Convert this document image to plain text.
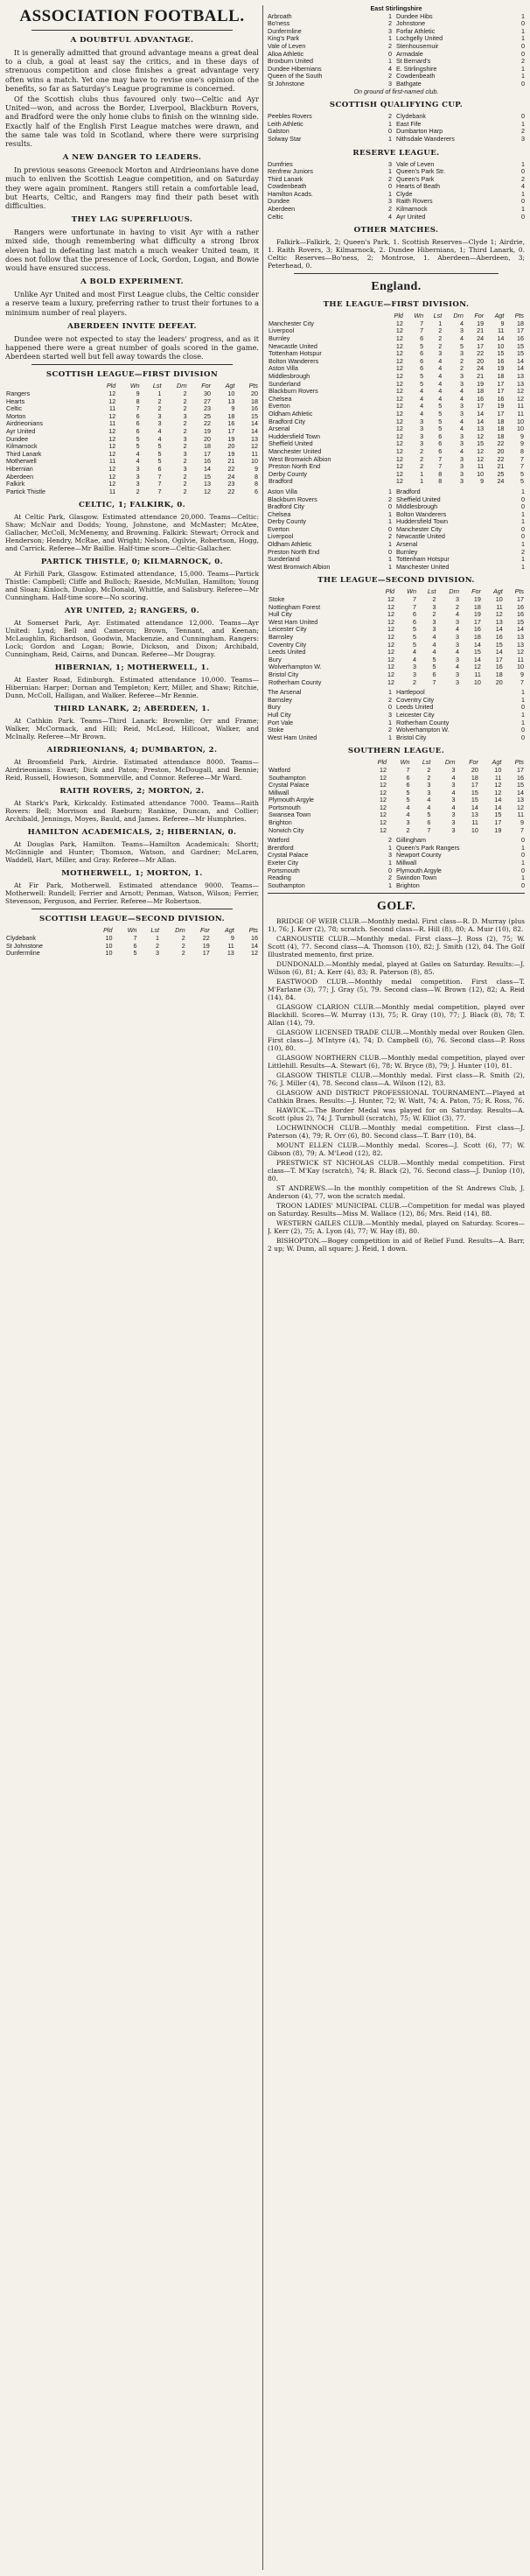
ASSOCIATION FOOTBALL.
A DOUBTFUL ADVANTAGE.

It is generally admitted that ground advantage means a great deal to a club, a goal at least say the critics, and in these days of strenuous competition and close finishes a great advantage very often wins a match. Yet one may have to revise one's opinion of the benefits, so far as Saturday's League programme is concerned.

Of the Scottish clubs thus favoured only two—Celtic and Ayr United—won, and across the Border, Liverpool, Blackburn Rovers, and Bradford were the only home clubs to finish on the winning side. Exactly half of the English First League matches were drawn, and the same tale was told in Scotland, where there were surprising results.

A NEW DANGER TO LEADERS.

In previous seasons Greenock Morton and Airdrieonians have done much to enliven the Scottish League competition, and on Saturday they were again prominent. Rangers still retain a comfortable lead, but Hearts, Celtic, and Rangers may find their path beset with difficulties.

THEY LAG SUPERFLUOUS.

Rangers were unfortunate in having to visit Ayr with a rather mixed side, though remembering what difficulty a strong Ibrox eleven had in defeating last match a much weaker United team, it does not follow that the presence of Lock, Gordon, Logan, and Bowie would have ensured success.

A BOLD EXPERIMENT.

Unlike Ayr United and most First League clubs, the Celtic consider a reserve team a luxury, preferring rather to trust their fortunes to a minimum number of real players.

ABERDEEN INVITE DEFEAT.

Dundee were not expected to stay the leaders' progress, and as it happened there were a great number of goals scored in the game. Aberdeen started well but fell away towards the close.

SCOTTISH LEAGUE—FIRST DIVISION
	Pld	Wn	Lst	Drn	For	Agt	Pts
Rangers	12	9	1	2	30	10	20
Hearts	12	8	2	2	27	13	18
Celtic	11	7	2	2	23	9	16
Morton	12	6	3	3	25	18	15
Airdrieonians	11	6	3	2	22	16	14
Ayr United	12	6	4	2	19	17	14
Dundee	12	5	4	3	20	19	13
Kilmarnock	12	5	5	2	18	20	12
Third Lanark	12	4	5	3	17	19	11
Motherwell	11	4	5	2	16	21	10
Hibernian	12	3	6	3	14	22	9
Aberdeen	12	3	7	2	15	24	8
Falkirk	12	3	7	2	13	23	8
Partick Thistle	11	2	7	2	12	22	6
CELTIC, 1; FALKIRK, 0.

At Celtic Park, Glasgow. Estimated attendance 20,000. Teams—Celtic: Shaw; McNair and Dodds; Young, Johnstone, and McMaster; McAtee, Gallacher, McColl, McMenemy, and Browning. Falkirk: Stewart; Orrock and Henderson; Hendry, McRae, and Wright; Nelson, Ogilvie, Robertson, Hogg, and Carrick. Referee—Mr Baillie. Half-time score—Celtic-Gallacher.

PARTICK THISTLE, 0; KILMARNOCK, 0.

At Firhill Park, Glasgow. Estimated attendance, 15,000. Teams—Partick Thistle: Campbell; Cliffe and Bulloch; Raeside, McMullan, Hamilton; Young and Sloan; Kinloch, Dunlop, McDonald, Whittle, and Salisbury. Referee—Mr Cunningham. Half-time score—No scoring.

AYR UNITED, 2; RANGERS, 0.

At Somerset Park, Ayr. Estimated attendance 12,000. Teams—Ayr United: Lynd; Bell and Cameron; Brown, Tennant, and Keenan; McLaughlin, Richardson, Goodwin, Mackenzie, and Cunningham. Rangers: Lock; Gordon and Logan; Bowie, Dickson, and Dixon; Archibald, Cunningham, Reid, Cairns, and Duncan. Referee—Mr Dougray.

HIBERNIAN, 1; MOTHERWELL, 1.

At Easter Road, Edinburgh. Estimated attendance 10,000. Teams—Hibernian: Harper; Dornan and Templeton; Kerr, Miller, and Shaw; Ritchie, Dunn, McColl, Halligan, and Walker. Referee—Mr Rennie.

THIRD LANARK, 2; ABERDEEN, 1.

At Cathkin Park. Teams—Third Lanark: Brownlie; Orr and Frame; Walker, McCormack, and Hill; Reid, McLeod, Hillcoat, Walker, and McInally. Referee—Mr Brown.

AIRDRIEONIANS, 4; DUMBARTON, 2.

At Broomfield Park, Airdrie. Estimated attendance 8000. Teams—Airdrieonians: Ewart; Dick and Paton; Preston, McDougall, and Bennie; Reid, Russell, Howieson, Sommerville, and Connor. Referee—Mr Ward.

RAITH ROVERS, 2; MORTON, 2.

At Stark's Park, Kirkcaldy. Estimated attendance 7000. Teams—Raith Rovers: Bell; Morrison and Raeburn; Rankine, Duncan, and Collier; Archibald, Jennings, Moyes, Bauld, and James. Referee—Mr Humphries.

HAMILTON ACADEMICALS, 2; HIBERNIAN, 0.

At Douglas Park, Hamilton. Teams—Hamilton Academicals: Shortt; McGinnigle and Hunter; Thomson, Watson, and Gardner; McLaren, Waddell, Hart, Miller, and Gray. Referee—Mr Allan.

MOTHERWELL, 1; MORTON, 1.

At Fir Park, Motherwell. Estimated attendance 9000. Teams—Motherwell: Rundell; Ferrier and Arnott; Penman, Watson, Wilson; Ferrier, Stevenson, Ferguson, and Ferrier. Referee—Mr Robertson.

SCOTTISH LEAGUE—SECOND DIVISION.
	Pld	Wn	Lst	Drn	For	Agt	Pts
Clydebank	10	7	1	2	22	9	16
St Johnstone	10	6	2	2	19	11	14
Dunfermline	10	5	3	2	17	13	12
East Stirlingshire
Arbroath	1 Dundee Hibs	1
Bo'ness	2 Johnstone	0
Dunfermline	3 Forfar Athletic	1
King's Park	1 Lochgelly United	1
Vale of Leven	2 Stenhousemuir	0
Alloa Athletic	0 Armadale	0
Broxburn United	1 St Bernard's	2
Dundee Hibernians	4 E. Stirlingshire	1
Queen of the South	2 Cowdenbeath	1
St Johnstone	3 Bathgate	0
On ground of first-named club.
SCOTTISH QUALIFYING CUP.
Peebles Rovers	2 Clydebank	0
Leith Athletic	1 East Fife	1
Galston	0 Dumbarton Harp	2
Solway Star	1 Nithsdale Wanderers	3
RESERVE LEAGUE.
Dumfries	3 Vale of Leven	1
Renfrew Juniors	1 Queen's Park Str.	0
Third Lanark	2 Queen's Park	2
Cowdenbeath	0 Hearts of Beath	4
Hamilton Acads.	1 Clyde	1
Dundee	3 Raith Rovers	0
Aberdeen	2 Kilmarnock	1
Celtic	4 Ayr United	0
OTHER MATCHES.

Falkirk—Falkirk, 2; Queen's Park, 1. Scottish Reserves—Clyde 1; Airdrie, 1. Raith Rovers, 3; Kilmarnock, 2. Dundee Hibernians, 1; Third Lanark, 0. Celtic Reserves—Bo'ness, 2; Montrose, 1. Aberdeen—Aberdeen, 3; Peterhead, 0.

England.
THE LEAGUE—FIRST DIVISION.
	Pld	Wn	Lst	Drn	For	Agt	Pts
Manchester City	12	7	1	4	19	9	18
Liverpool	12	7	2	3	21	11	17
Burnley	12	6	2	4	24	14	16
Newcastle United	12	5	2	5	17	10	15
Tottenham Hotspur	12	6	3	3	22	15	15
Bolton Wanderers	12	6	4	2	20	16	14
Aston Villa	12	6	4	2	24	19	14
Middlesbrough	12	5	4	3	21	18	13
Sunderland	12	5	4	3	19	17	13
Blackburn Rovers	12	4	4	4	18	17	12
Chelsea	12	4	4	4	16	16	12
Everton	12	4	5	3	17	19	11
Oldham Athletic	12	4	5	3	14	17	11
Bradford City	12	3	5	4	14	18	10
Arsenal	12	3	5	4	13	18	10
Huddersfield Town	12	3	6	3	12	18	9
Sheffield United	12	3	6	3	15	22	9
Manchester United	12	2	6	4	12	20	8
West Bromwich Albion	12	2	7	3	12	22	7
Preston North End	12	2	7	3	11	21	7
Derby County	12	1	8	3	10	25	5
Bradford	12	1	8	3	9	24	5
Aston Villa	1 Bradford	1
Blackburn Rovers	2 Sheffield United	0
Bradford City	0 Middlesbrough	0
Chelsea	1 Bolton Wanderers	1
Derby County	1 Huddersfield Town	1
Everton	0 Manchester City	0
Liverpool	2 Newcastle United	0
Oldham Athletic	1 Arsenal	1
Preston North End	0 Burnley	2
Sunderland	1 Tottenham Hotspur	1
West Bromwich Albion	1 Manchester United	1
THE LEAGUE—SECOND DIVISION.
	Pld	Wn	Lst	Drn	For	Agt	Pts
Stoke	12	7	2	3	19	10	17
Nottingham Forest	12	7	3	2	18	11	16
Hull City	12	6	2	4	19	12	16
West Ham United	12	6	3	3	17	13	15
Leicester City	12	5	3	4	16	14	14
Barnsley	12	5	4	3	18	16	13
Coventry City	12	5	4	3	14	15	13
Leeds United	12	4	4	4	15	14	12
Bury	12	4	5	3	14	17	11
Wolverhampton W.	12	3	5	4	12	16	10
Bristol City	12	3	6	3	11	18	9
Rotherham County	12	2	7	3	10	20	7
The Arsenal	1 Hartlepool	1
Barnsley	2 Coventry City	1
Bury	0 Leeds United	0
Hull City	3 Leicester City	1
Port Vale	1 Rotherham County	1
Stoke	2 Wolverhampton W.	0
West Ham United	1 Bristol City	0
SOUTHERN LEAGUE.
	Pld	Wn	Lst	Drn	For	Agt	Pts
Watford	12	7	2	3	20	10	17
Southampton	12	6	2	4	18	11	16
Crystal Palace	12	6	3	3	17	12	15
Millwall	12	5	3	4	15	12	14
Plymouth Argyle	12	5	4	3	15	14	13
Portsmouth	12	4	4	4	14	14	12
Swansea Town	12	4	5	3	13	15	11
Brighton	12	3	6	3	11	17	9
Norwich City	12	2	7	3	10	19	7
Watford	2 Gillingham	0
Brentford	1 Queen's Park Rangers	1
Crystal Palace	3 Newport County	0
Exeter City	1 Millwall	1
Portsmouth	0 Plymouth Argyle	0
Reading	2 Swindon Town	1
Southampton	1 Brighton	0
GOLF.

BRIDGE OF WEIR CLUB.—Monthly medal. First class—R. D. Murray (plus 1), 76; J. Kerr (2), 78; scratch. Second class—R. Hill (8), 80; A. Muir (10), 82.

CARNOUSTIE CLUB.—Monthly medal. First class—J. Ross (2), 75; W. Scott (4), 77. Second class—A. Thomson (10), 82; J. Smith (12), 84. The Golf Illustrated memento, first prize.

DUNDONALD.—Monthly medal, played at Gailes on Saturday. Results:—J. Wilson (6), 81; A. Kerr (4), 83; R. Paterson (8), 85.

EASTWOOD CLUB.—Monthly medal competition. First class—T. M'Farlane (3), 77; J. Gray (5), 79. Second class—W. Brown (12), 82; A. Reid (14), 84.

GLASGOW CLARION CLUB.—Monthly medal competition, played over Blackhill. Scores—W. Murray (13), 75; R. Gray (10), 77; J. Black (8), 78; T. Allan (14), 79.

GLASGOW LICENSED TRADE CLUB.—Monthly medal over Rouken Glen. First class—J. M'Intyre (4), 74; D. Campbell (6), 76. Second class—P. Ross (10), 80.

GLASGOW NORTHERN CLUB.—Monthly medal competition, played over Littlehill. Results—A. Stewart (6), 78; W. Bryce (8), 79; J. Hunter (10), 81.

GLASGOW THISTLE CLUB.—Monthly medal. First class—R. Smith (2), 76; J. Miller (4), 78. Second class—A. Wilson (12), 83.

GLASGOW AND DISTRICT PROFESSIONAL TOURNAMENT.—Played at Cathkin Braes. Results:—J. Hunter, 72; W. Watt, 74; A. Paton, 75; R. Ross, 76.

HAWICK.—The Border Medal was played for on Saturday. Results—A. Scott (plus 2), 74; J. Turnbull (scratch), 75; W. Elliot (3), 77.

LOCHWINNOCH CLUB.—Monthly medal competition. First class—J. Paterson (4), 79; R. Orr (6), 80. Second class—T. Barr (10), 84.

MOUNT ELLEN CLUB.—Monthly medal. Scores—J. Scott (6), 77; W. Gibson (8), 79; A. M'Leod (12), 82.

PRESTWICK ST NICHOLAS CLUB.—Monthly medal competition. First class—T. M'Kay (scratch), 74; R. Black (2), 76. Second class—J. Dunlop (10), 80.

ST ANDREWS.—In the monthly competition of the St Andrews Club, J. Anderson (4), 77, won the scratch medal.

TROON LADIES' MUNICIPAL CLUB.—Competition for medal was played on Saturday. Results—Miss M. Wallace (12), 86; Mrs. Reid (14), 88.

WESTERN GAILES CLUB.—Monthly medal, played on Saturday. Scores—J. Kerr (2), 75; A. Lyon (4), 77; W. Hay (8), 80.

BISHOPTON.—Bogey competition in aid of Relief Fund. Results—A. Barr, 2 up; W. Dunn, all square; J. Reid, 1 down.
